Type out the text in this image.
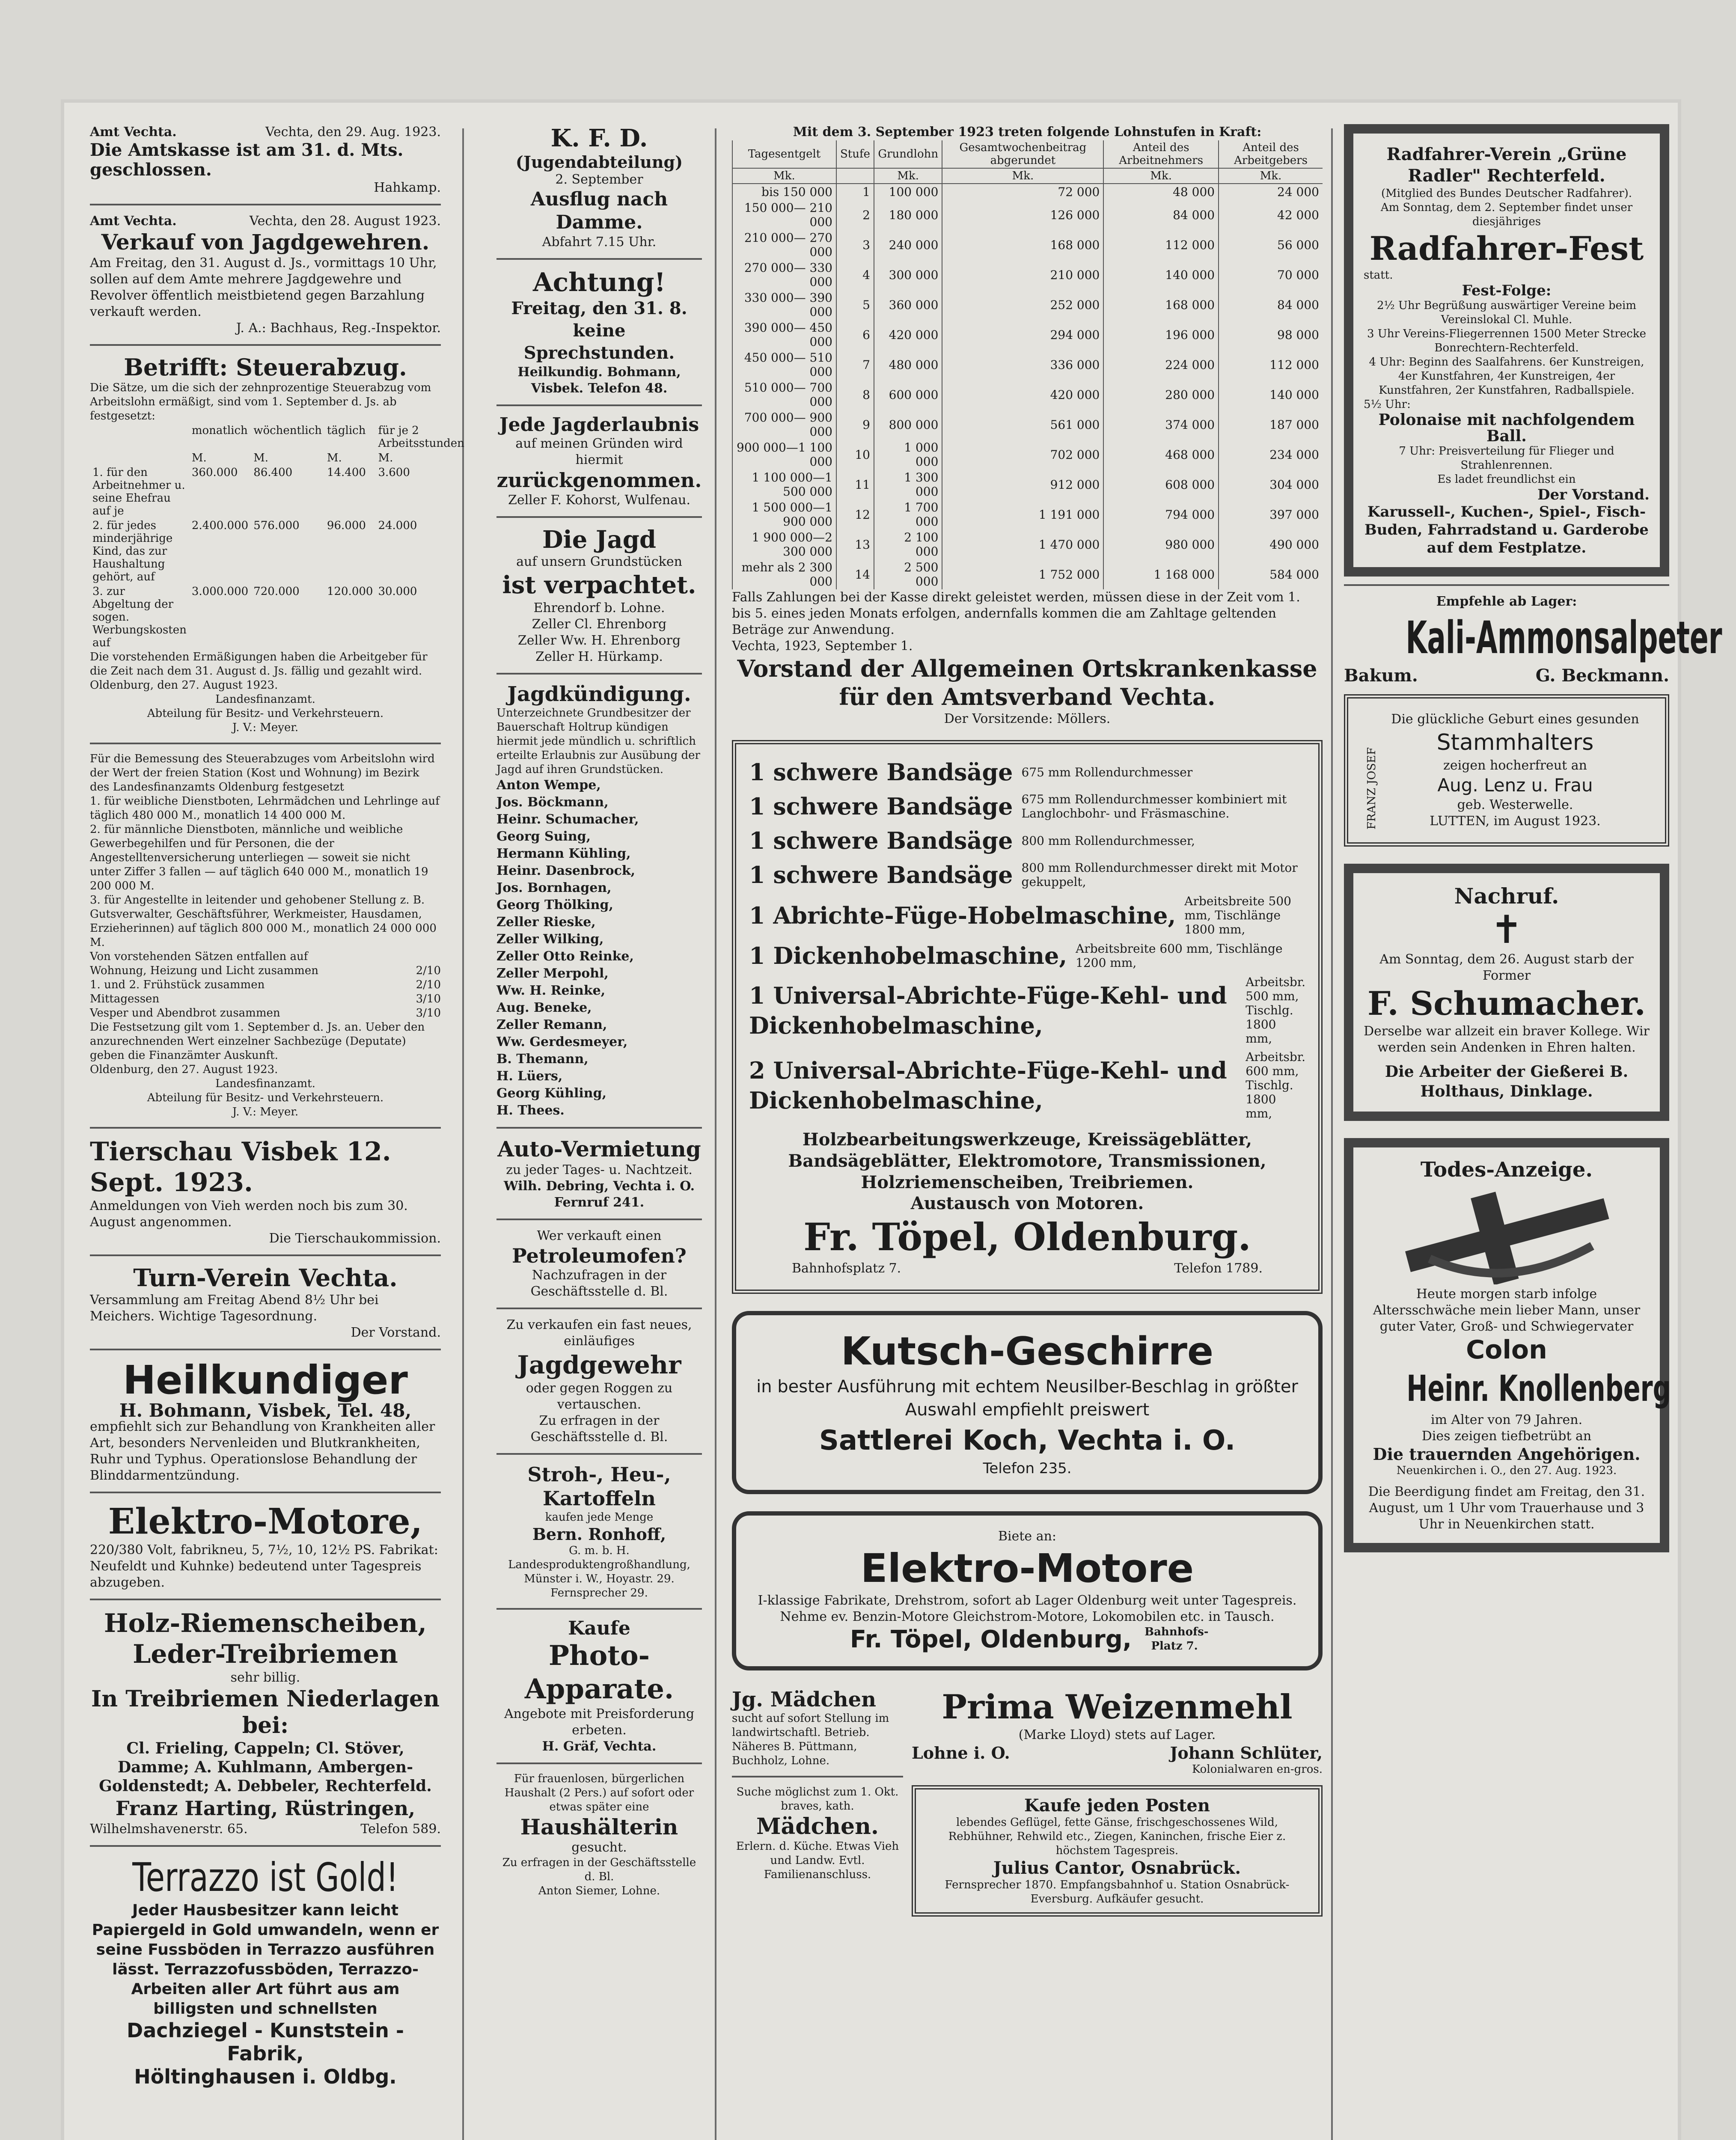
Amt Vechta.	Vechta, den 29. Aug. 1923.
Die Amtskasse ist am 31. d. Mts. geschlossen.
Hahkamp.
Amt Vechta.	Vechta, den 28. August 1923.
Verkauf von Jagdgewehren.
Am Freitag, den 31. August d. Js., vormittags 10 Uhr, sollen auf dem Amte mehrere Jagdgewehre und Revolver öffentlich meistbietend gegen Barzahlung verkauft werden.
J. A.: Bachhaus, Reg.-Inspektor.
Betrifft: Steuerabzug.
Die Sätze, um die sich der zehnprozentige Steuerabzug vom Arbeitslohn ermäßigt, sind vom 1. September d. Js. ab festgesetzt:
	monatlich	wöchentlich	täglich	für je 2 Arbeitsstunden
	M.	M.	M.	M.
1. für den Arbeitnehmer u. seine Ehefrau auf je	360.000	86.400	14.400	3.600
2. für jedes minderjährige Kind, das zur Haushaltung gehört, auf	2.400.000	576.000	96.000	24.000
3. zur Abgeltung der sogen. Werbungskosten auf	3.000.000	720.000	120.000	30.000
Die vorstehenden Ermäßigungen haben die Arbeitgeber für die Zeit nach dem 31. August d. Js. fällig und gezahlt wird.
Oldenburg, den 27. August 1923.
Landesfinanzamt.
Abteilung für Besitz- und Verkehrsteuern.
J. V.: Meyer.
Für die Bemessung des Steuerabzuges vom Arbeitslohn wird der Wert der freien Station (Kost und Wohnung) im Bezirk des Landesfinanzamts Oldenburg festgesetzt
1. für weibliche Dienstboten, Lehrmädchen und Lehrlinge auf täglich 480 000 M., monatlich 14 400 000 M.
2. für männliche Dienstboten, männliche und weibliche Gewerbegehilfen und für Personen, die der Angestelltenversicherung unterliegen — soweit sie nicht unter Ziffer 3 fallen — auf täglich 640 000 M., monatlich 19 200 000 M.
3. für Angestellte in leitender und gehobener Stellung z. B. Gutsverwalter, Geschäftsführer, Werkmeister, Hausdamen, Erzieherinnen) auf täglich 800 000 M., monatlich 24 000 000 M.
Von vorstehenden Sätzen entfallen auf
Wohnung, Heizung und Licht zusammen	2/10
1. und 2. Frühstück zusammen	2/10
Mittagessen	3/10
Vesper und Abendbrot zusammen	3/10
Die Festsetzung gilt vom 1. September d. Js. an. Ueber den anzurechnenden Wert einzelner Sachbezüge (Deputate) geben die Finanzämter Auskunft.
Oldenburg, den 27. August 1923.
Landesfinanzamt.
Abteilung für Besitz- und Verkehrsteuern.
J. V.: Meyer.
Tierschau Visbek 12. Sept. 1923.
Anmeldungen von Vieh werden noch bis zum 30. August angenommen.
Die Tierschaukommission.
Turn-Verein Vechta.
Versammlung am Freitag Abend 8½ Uhr bei Meichers. Wichtige Tagesordnung.
Der Vorstand.
Heilkundiger
H. Bohmann, Visbek, Tel. 48,
empfiehlt sich zur Behandlung von Krankheiten aller Art, besonders Nervenleiden und Blutkrankheiten, Ruhr und Typhus. Operationslose Behandlung der Blinddarmentzündung.
Elektro-Motore,
220/380 Volt, fabrikneu, 5, 7½, 10, 12½ PS. Fabrikat: Neufeldt und Kuhnke) bedeutend unter Tagespreis abzugeben.
Holz-Riemenscheiben,
Leder-Treibriemen
sehr billig.
In Treibriemen Niederlagen bei:
Cl. Frieling, Cappeln; Cl. Stöver, Damme; A. Kuhlmann, Ambergen-Goldenstedt; A. Debbeler, Rechterfeld.
Franz Harting, Rüstringen,
Wilhelmshavenerstr. 65.	Telefon 589.
Terrazzo ist Gold!
Jeder Hausbesitzer kann leicht Papiergeld in Gold umwandeln, wenn er seine Fussböden in Terrazzo ausführen lässt. Terrazzofussböden, Terrazzo-Arbeiten aller Art führt aus am billigsten und schnellsten
Dachziegel - Kunststein - Fabrik,
Höltinghausen i. Oldbg.
K. F. D.
(Jugendabteilung)
2. September
Ausflug nach Damme.
Abfahrt 7.15 Uhr.
Achtung!
Freitag, den 31. 8. keine Sprechstunden.
Heilkundig. Bohmann, Visbek. Telefon 48.
Jede Jagderlaubnis
auf meinen Gründen wird hiermit
zurückgenommen.
Zeller F. Kohorst, Wulfenau.
Die Jagd
auf unsern Grundstücken
ist verpachtet.
Ehrendorf b. Lohne.
Zeller Cl. Ehrenborg
Zeller Ww. H. Ehrenborg
Zeller H. Hürkamp.
Jagdkündigung.
Unterzeichnete Grundbesitzer der Bauerschaft Holtrup kündigen hiermit jede mündlich u. schriftlich erteilte Erlaubnis zur Ausübung der Jagd auf ihren Grundstücken.
Anton Wempe,
Jos. Böckmann,
Heinr. Schumacher,
Georg Suing,
Hermann Kühling,
Heinr. Dasenbrock,
Jos. Bornhagen,
Georg Thölking,
Zeller Rieske,
Zeller Wilking,
Zeller Otto Reinke,
Zeller Merpohl,
Ww. H. Reinke,
Aug. Beneke,
Zeller Remann,
Ww. Gerdesmeyer,
B. Themann,
H. Lüers,
Georg Kühling,
H. Thees.
Auto-Vermietung
zu jeder Tages- u. Nachtzeit.
Wilh. Debring, Vechta i. O. Fernruf 241.
Wer verkauft einen
Petroleumofen?
Nachzufragen in der Geschäftsstelle d. Bl.
Zu verkaufen ein fast neues, einläufiges
Jagdgewehr
oder gegen Roggen zu vertauschen.
Zu erfragen in der Geschäftsstelle d. Bl.
Stroh-, Heu-, Kartoffeln
kaufen jede Menge
Bern. Ronhoff,
G. m. b. H. Landesproduktengroßhandlung, Münster i. W., Hoyastr. 29. Fernsprecher 29.
Kaufe
Photo-Apparate.
Angebote mit Preisforderung erbeten.
H. Gräf, Vechta.
Für frauenlosen, bürgerlichen Haushalt (2 Pers.) auf sofort oder etwas später eine
Haushälterin
gesucht.
Zu erfragen in der Geschäftsstelle d. Bl.
Anton Siemer, Lohne.
Mit dem 3. September 1923 treten folgende Lohnstufen in Kraft:
Tagesentgelt	Stufe	Grundlohn	Gesamtwochenbeitrag abgerundet	Anteil des Arbeitnehmers	Anteil des Arbeitgebers
Mk.		Mk.	Mk.	Mk.	Mk.
bis 150 000	1	100 000	72 000	48 000	24 000
150 000— 210 000	2	180 000	126 000	84 000	42 000
210 000— 270 000	3	240 000	168 000	112 000	56 000
270 000— 330 000	4	300 000	210 000	140 000	70 000
330 000— 390 000	5	360 000	252 000	168 000	84 000
390 000— 450 000	6	420 000	294 000	196 000	98 000
450 000— 510 000	7	480 000	336 000	224 000	112 000
510 000— 700 000	8	600 000	420 000	280 000	140 000
700 000— 900 000	9	800 000	561 000	374 000	187 000
900 000—1 100 000	10	1 000 000	702 000	468 000	234 000
1 100 000—1 500 000	11	1 300 000	912 000	608 000	304 000
1 500 000—1 900 000	12	1 700 000	1 191 000	794 000	397 000
1 900 000—2 300 000	13	2 100 000	1 470 000	980 000	490 000
mehr als 2 300 000	14	2 500 000	1 752 000	1 168 000	584 000
Falls Zahlungen bei der Kasse direkt geleistet werden, müssen diese in der Zeit vom 1. bis 5. eines jeden Monats erfolgen, andernfalls kommen die am Zahltage geltenden Beträge zur Anwendung.
Vechta, 1923, September 1.
Vorstand der Allgemeinen Ortskrankenkasse für den Amtsverband Vechta.
Der Vorsitzende: Möllers.
1 schwere Bandsäge 675 mm Rollendurchmesser
1 schwere Bandsäge 675 mm Rollendurchmesser kombiniert mit Langlochbohr- und Fräsmaschine.
1 schwere Bandsäge 800 mm Rollendurchmesser,
1 schwere Bandsäge 800 mm Rollendurchmesser direkt mit Motor gekuppelt,
1 Abrichte-Füge-Hobelmaschine,
Arbeitsbreite 500 mm, Tischlänge 1800 mm,
1 Dickenhobelmaschine, Arbeitsbreite 600 mm, Tischlänge 1200 mm,
1 Universal-Abrichte-Füge-Kehl- und Dickenhobelmaschine,
Arbeitsbr. 500 mm, Tischlg. 1800 mm,
2 Universal-Abrichte-Füge-Kehl- und Dickenhobelmaschine,
Arbeitsbr. 600 mm, Tischlg. 1800 mm,
Holzbearbeitungswerkzeuge, Kreissägeblätter, Bandsägeblätter, Elektromotore, Transmissionen, Holzriemenscheiben, Treibriemen.
Austausch von Motoren.
Fr. Töpel, Oldenburg.
Bahnhofsplatz 7.	Telefon 1789.
Kutsch-Geschirre
in bester Ausführung mit echtem Neusilber-Beschlag in größter Auswahl empfiehlt preiswert
Sattlerei Koch, Vechta i. O.
Telefon 235.
Biete an:
Elektro-Motore
I-klassige Fabrikate, Drehstrom, sofort ab Lager Oldenburg weit unter Tagespreis. Nehme ev. Benzin-Motore Gleichstrom-Motore, Lokomobilen etc. in Tausch.
Fr. Töpel, Oldenburg, Bahnhofs-Platz 7.
Jg. Mädchen
sucht auf sofort Stellung im landwirtschaftl. Betrieb.
Näheres B. Püttmann, Buchholz, Lohne.
Suche möglichst zum 1. Okt. braves, kath.
Mädchen.
Erlern. d. Küche. Etwas Vieh und Landw. Evtl. Familienanschluss.
Prima Weizenmehl
(Marke Lloyd) stets auf Lager.
Lohne i. O.	Johann Schlüter,
Kolonialwaren en-gros.
Kaufe jeden Posten
lebendes Geflügel, fette Gänse, frischgeschossenes Wild, Rebhühner, Rehwild etc., Ziegen, Kaninchen, frische Eier z. höchstem Tagespreis.
Julius Cantor, Osnabrück.
Fernsprecher 1870. Empfangsbahnhof u. Station Osnabrück-Eversburg. Aufkäufer gesucht.
Radfahrer-Verein „Grüne Radler" Rechterfeld.
(Mitglied des Bundes Deutscher Radfahrer).
Am Sonntag, dem 2. September findet unser diesjähriges
Radfahrer-Fest
statt.
Fest-Folge:
2½ Uhr Begrüßung auswärtiger Vereine beim Vereinslokal Cl. Muhle.
3 Uhr Vereins-Fliegerrennen 1500 Meter Strecke Bonrechtern-Rechterfeld.
4 Uhr: Beginn des Saalfahrens. 6er Kunstreigen, 4er Kunstfahren, 4er Kunstreigen, 4er Kunstfahren, 2er Kunstfahren, Radballspiele.
5½ Uhr:
Polonaise mit nachfolgendem Ball.
7 Uhr: Preisverteilung für Flieger und Strahlenrennen.
Es ladet freundlichst ein
Der Vorstand.
Karussell-, Kuchen-, Spiel-, Fisch-Buden, Fahrradstand u. Garderobe auf dem Festplatze.
Empfehle ab Lager:
Kali-Ammonsalpeter
Bakum.	G. Beckmann.
FRANZ JOSEF
Die glückliche Geburt eines gesunden
Stammhalters
zeigen hocherfreut an
Aug. Lenz u. Frau
geb. Westerwelle.
LUTTEN, im August 1923.
Nachruf.
✝
Am Sonntag, dem 26. August starb der Former
F. Schumacher.
Derselbe war allzeit ein braver Kollege. Wir werden sein Andenken in Ehren halten.
Die Arbeiter der Gießerei B. Holthaus, Dinklage.
Todes-Anzeige.
Heute morgen starb infolge Altersschwäche mein lieber Mann, unser guter Vater, Groß- und Schwiegervater
Colon
Heinr. Knollenberg
im Alter von 79 Jahren.
Dies zeigen tiefbetrübt an
Die trauernden Angehörigen.
Neuenkirchen i. O., den 27. Aug. 1923.
Die Beerdigung findet am Freitag, den 31. August, um 1 Uhr vom Trauerhause und 3 Uhr in Neuenkirchen statt.
